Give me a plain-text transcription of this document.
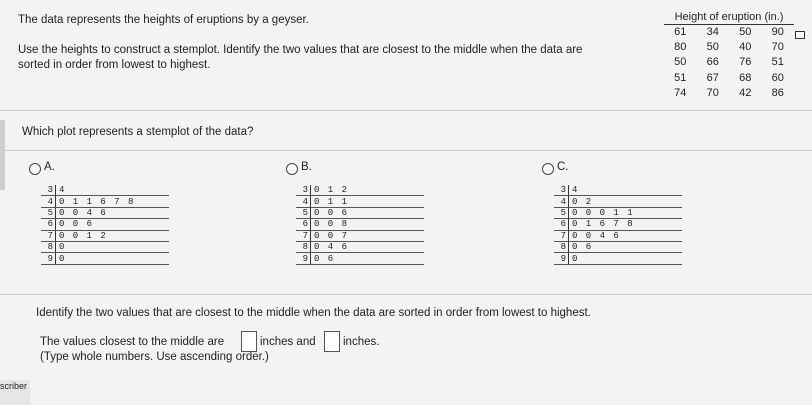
The data represents the heights of eruptions by a geyser.
Use the heights to construct a stemplot. Identify the two values that are closest to the middle when the data are
sorted in order from lowest to highest.
Height of eruption (in.)
61	34	50	90
80	50	40	70
50	66	76	51
51	67	68	60
74	70	42	86
Which plot represents a stemplot of the data?
A.
3	4
4	0 1 1 6 7 8
5	0 0 4 6
6	0 0 6
7	0 0 1 2
8	0
9	0
B.
3	0 1 2
4	0 1 1
5	0 0 6
6	0 0 8
7	0 0 7
8	0 4 6
9	0 6
C.
3	4
4	0 2
5	0 0 0 1 1
6	0 1 6 7 8
7	0 0 4 6
8	0 6
9	0
Identify the two values that are closest to the middle when the data are sorted in order from lowest to highest.
The values closest to the middle are	inches and inches.
(Type whole numbers. Use ascending order.)
scriber
